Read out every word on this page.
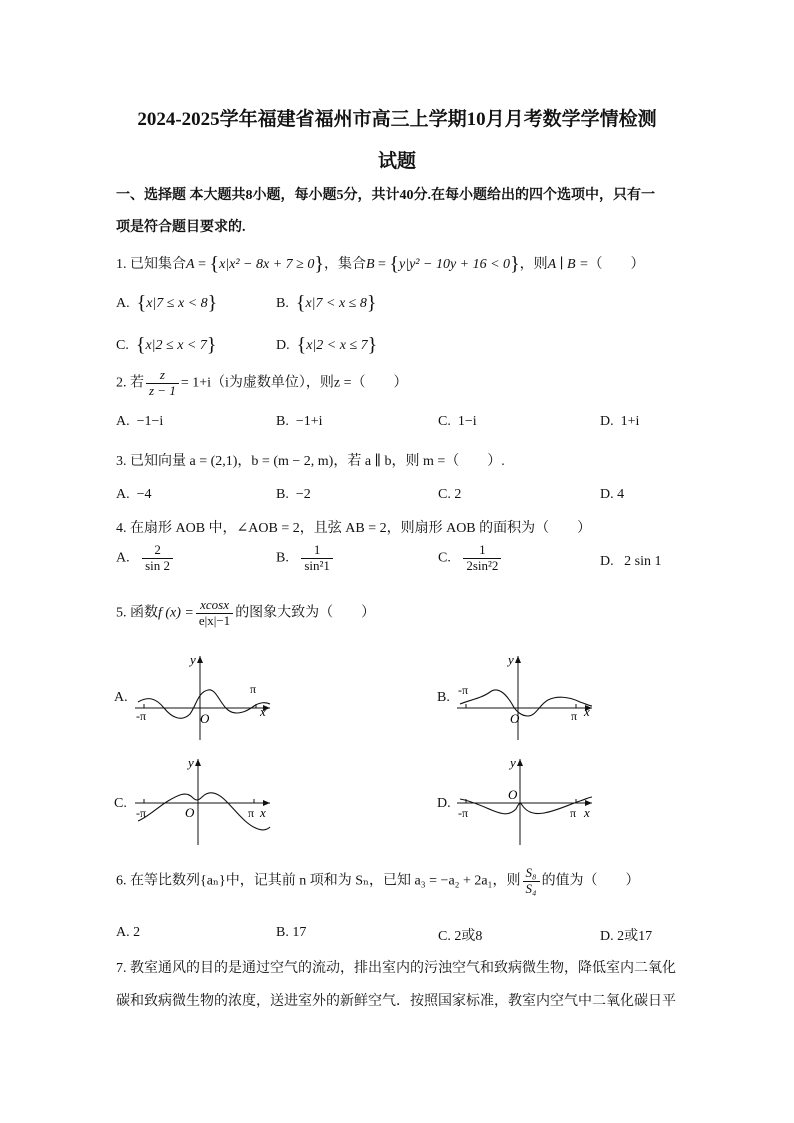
2024-2025学年福建省福州市高三上学期10月月考数学学情检测
试题
一、选择题 本大题共8小题，每小题5分，共计40分.在每小题给出的四个选项中，只有一
项是符合题目要求的.
1. 已知集合A = {x|x² − 8x + 7 ≥ 0}，集合B = {y|y² − 10y + 16 < 0}，则A ∣ B =（　　）
A. {x|7 ≤ x < 8}	B. {x|7 < x ≤ 8}
C. {x|2 ≤ x < 7}	D. {x|2 < x ≤ 7}
2. 若 $\frac{z}{z - 1} = 1+i(i$为虚数单位），则z =（　　）
A. −1−i	B. −1+i	C. 1−i	D. 1+i
3. 已知向量 a = (2,1)，b = (m − 2, m)，若 a ∥ b，则 m =（　　）.
A. −4	B. −2	C. 2	D. 4
4. 在扇形 AOB 中，∠AOB = 2，且弦 AB = 2，则扇形 AOB 的面积为（　　）
A. $\frac{2}{\sin 2}$	B. $\frac{1}{\text{sin²1}}$	C. $\frac{1}{\text{2sin²2}}$	D. 2 sin 1
5. 函数f $(x) = \frac{xcosx}{e|x|-1}$ 的图象大致为（　　）
A.
y
O	x
-π
π
B.
y
O	x
-π
π
C.
y
O	x
-π	π
D.
y
O
x
-π	π
6. 在等比数列{aₙ}中，记其前 n 项和为 Sₙ，已知 a₃ = −a₂ + 2a₁，则 $\frac{\text{S₈}}{\text{S₄}}$ 的值为（　　）
A. 2	B. 17	C. 2或8	D. 2或17
7. 教室通风的目的是通过空气的流动，排出室内的污浊空气和致病微生物，降低室内二氧化
碳和致病微生物的浓度，送进室外的新鲜空气．按照国家标准，教室内空气中二氧化碳日平
